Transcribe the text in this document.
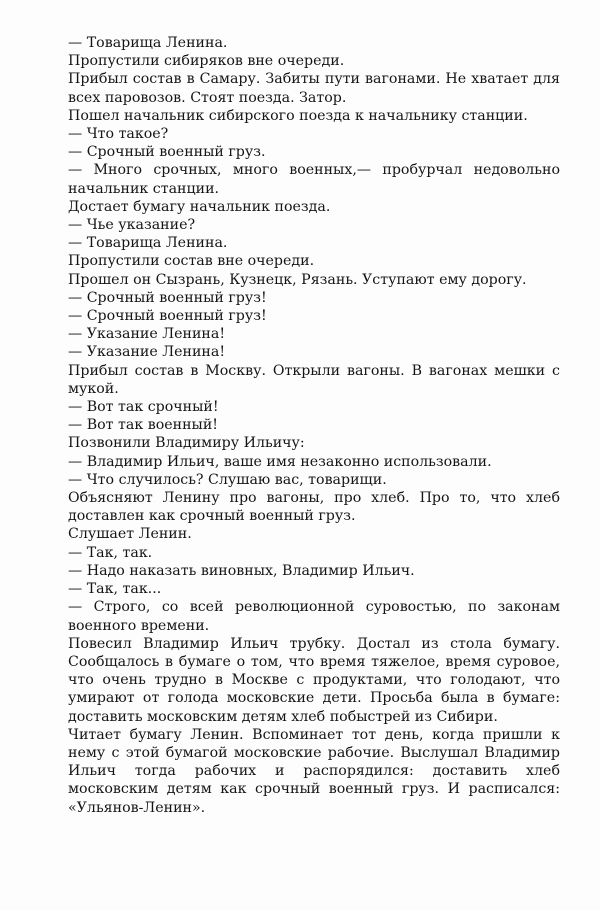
— Товарища Ленина.

Пропустили сибиряков вне очереди.

Прибыл состав в Самару. Забиты пути вагонами. Не хватает для всех паровозов. Стоят поезда. Затор.

Пошел начальник сибирского поезда к начальнику станции.

— Что такое?

— Срочный военный груз.

— Много срочных, много военных,— пробурчал недовольно начальник станции.

Достает бумагу начальник поезда.

— Чье указание?

— Товарища Ленина.

Пропустили состав вне очереди.

Прошел он Сызрань, Кузнецк, Рязань. Уступают ему дорогу.

— Срочный военный груз!

— Срочный военный груз!

— Указание Ленина!

— Указание Ленина!

Прибыл состав в Москву. Открыли вагоны. В вагонах мешки с мукой.

— Вот так срочный!

— Вот так военный!

Позвонили Владимиру Ильичу:

— Владимир Ильич, ваше имя незаконно использовали.

— Что случилось? Слушаю вас, товарищи.

Объясняют Ленину про вагоны, про хлеб. Про то, что хлеб доставлен как срочный военный груз.

Слушает Ленин.

— Так, так.

— Надо наказать виновных, Владимир Ильич.

— Так, так...

— Строго, со всей революционной суровостью, по законам военного времени.

Повесил Владимир Ильич трубку. Достал из стола бумагу. Сообщалось в бумаге о том, что время тяжелое, время суровое, что очень трудно в Москве с продуктами, что голодают, что умирают от голода московские дети. Просьба была в бумаге: доставить московским детям хлеб побыстрей из Сибири.

Читает бумагу Ленин. Вспоминает тот день, когда пришли к нему с этой бумагой московские рабочие. Выслушал Владимир Ильич тогда рабочих и распорядился: доставить хлеб московским детям как срочный военный груз. И расписался: «Ульянов-Ленин».
